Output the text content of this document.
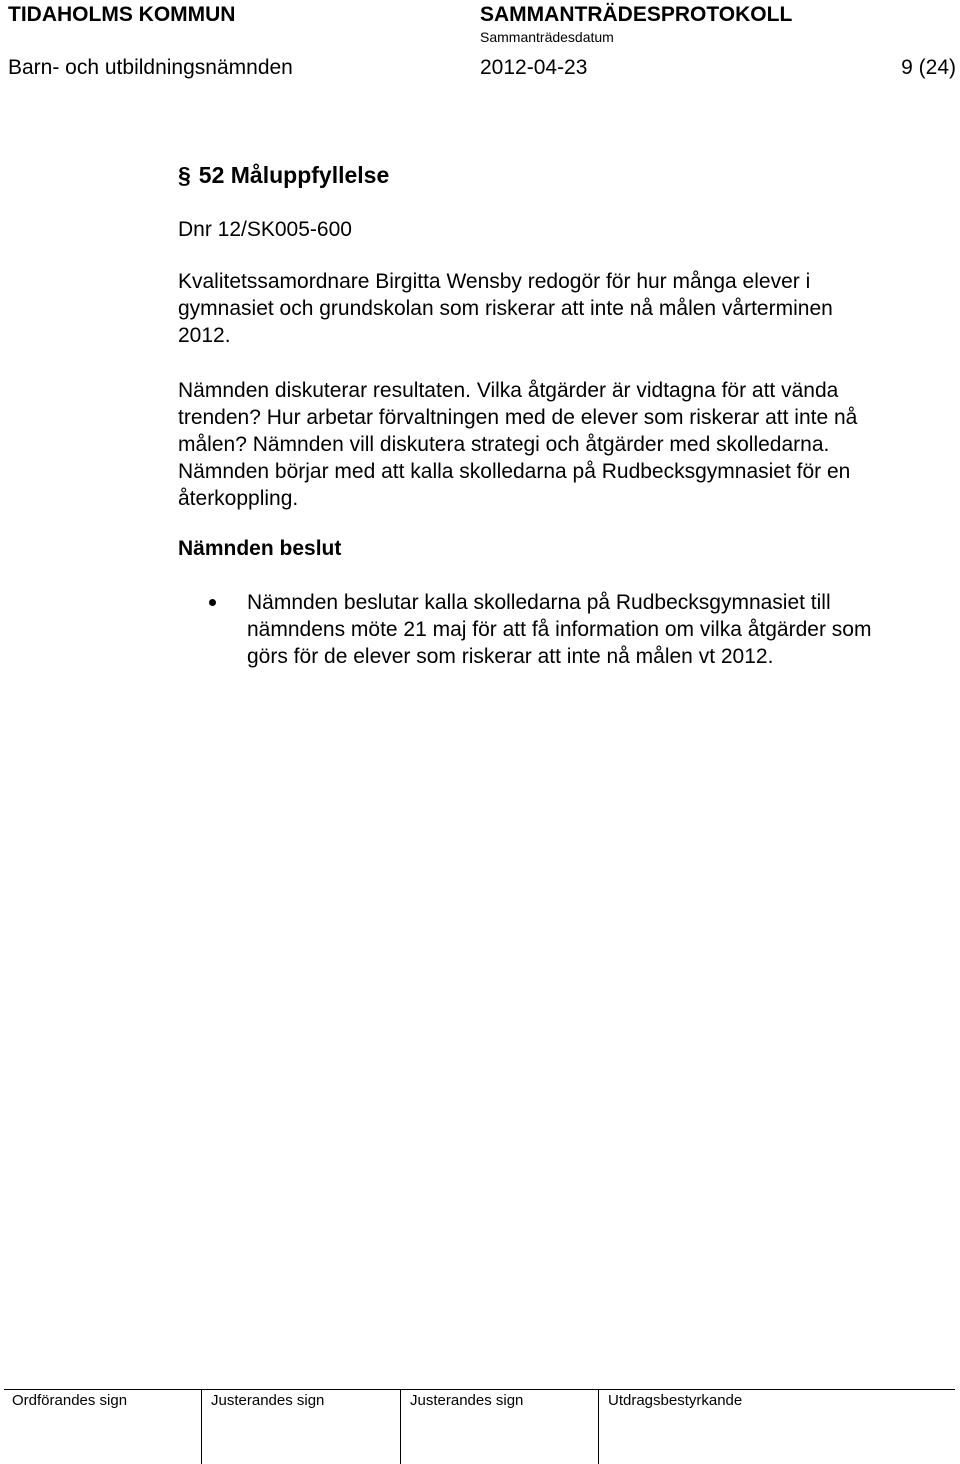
TIDAHOLMS KOMMUN	SAMMANTRÄDESPROTOKOLL
Sammanträdesdatum
Barn- och utbildningsnämnden	2012-04-23	9 (24)
§ 52 Måluppfyllelse
Dnr 12/SK005-600
Kvalitetssamordnare Birgitta Wensby redogör för hur många elever i
gymnasiet och grundskolan som riskerar att inte nå målen vårterminen
2012.
Nämnden diskuterar resultaten. Vilka åtgärder är vidtagna för att vända
trenden? Hur arbetar förvaltningen med de elever som riskerar att inte nå
målen? Nämnden vill diskutera strategi och åtgärder med skolledarna.
Nämnden börjar med att kalla skolledarna på Rudbecksgymnasiet för en
återkoppling.
Nämnden beslut
Nämnden beslutar kalla skolledarna på Rudbecksgymnasiet till
nämndens möte 21 maj för att få information om vilka åtgärder som
görs för de elever som riskerar att inte nå målen vt 2012.
Ordförandes sign	Justerandes sign	Justerandes sign	Utdragsbestyrkande
